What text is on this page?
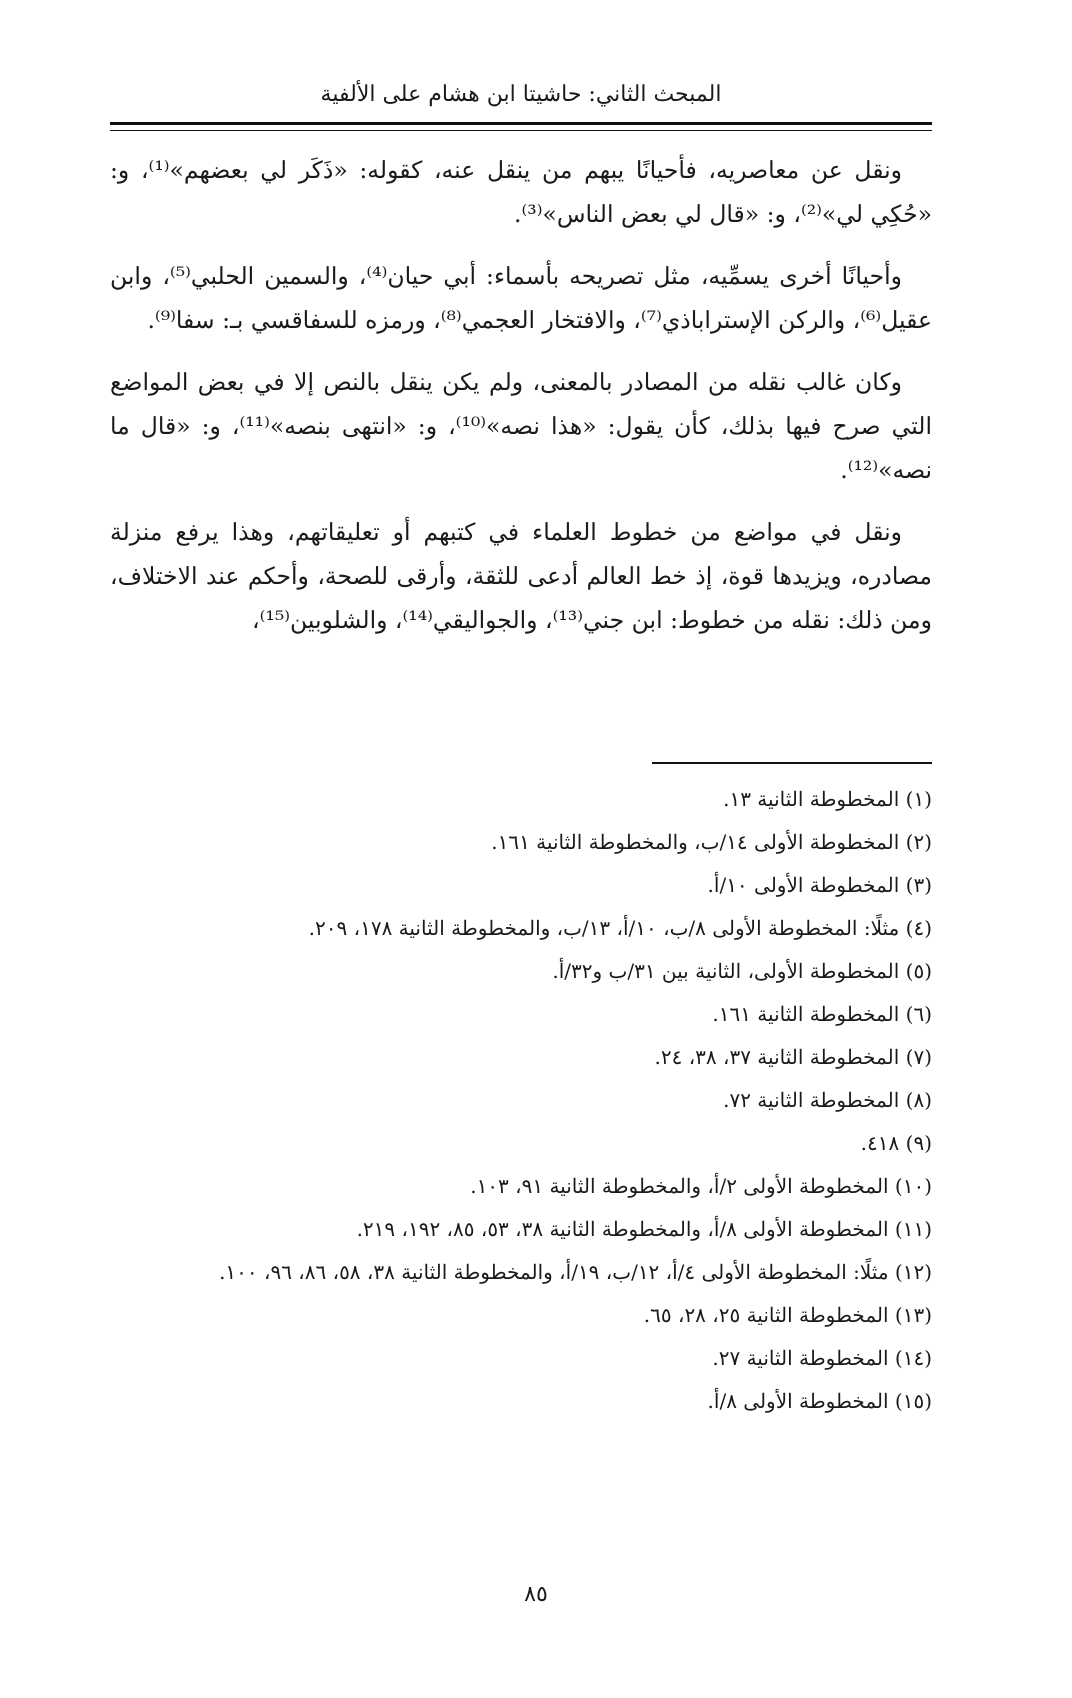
المبحث الثاني: حاشيتا ابن هشام على الألفية

ونقل عن معاصريه، فأحيانًا يبهم من ينقل عنه، كقوله: «ذَكَر لي بعضهم»⁽¹⁾، و: «حُكِي لي»⁽²⁾، و: «قال لي بعض الناس»⁽³⁾.

وأحيانًا أخرى يسمِّيه، مثل تصريحه بأسماء: أبي حيان⁽⁴⁾، والسمين الحلبي⁽⁵⁾، وابن عقيل⁽⁶⁾، والركن الإستراباذي⁽⁷⁾، والافتخار العجمي⁽⁸⁾، ورمزه للسفاقسي بـ: سفا⁽⁹⁾.

وكان غالب نقله من المصادر بالمعنى، ولم يكن ينقل بالنص إلا في بعض المواضع التي صرح فيها بذلك، كأن يقول: «هذا نصه»⁽¹⁰⁾، و: «انتهى بنصه»⁽¹¹⁾، و: «قال ما نصه»⁽¹²⁾.

ونقل في مواضع من خطوط العلماء في كتبهم أو تعليقاتهم، وهذا يرفع منزلة مصادره، ويزيدها قوة، إذ خط العالم أدعى للثقة، وأرقى للصحة، وأحكم عند الاختلاف، ومن ذلك: نقله من خطوط: ابن جني⁽¹³⁾، والجواليقي⁽¹⁴⁾، والشلوبين⁽¹⁵⁾،

(١) المخطوطة الثانية ١٣.
(٢) المخطوطة الأولى ١٤/ب، والمخطوطة الثانية ١٦١.
(٣) المخطوطة الأولى ١٠/أ.
(٤) مثلًا: المخطوطة الأولى ٨/ب، ١٠/أ، ١٣/ب، والمخطوطة الثانية ١٧٨، ٢٠٩.
(٥) المخطوطة الأولى، الثانية بين ٣١/ب و٣٢/أ.
(٦) المخطوطة الثانية ١٦١.
(٧) المخطوطة الثانية ٣٧، ٣٨، ٢٤.
(٨) المخطوطة الثانية ٧٢.
(٩) ٤١٨.
(١٠) المخطوطة الأولى ٢/أ، والمخطوطة الثانية ٩١، ١٠٣.
(١١) المخطوطة الأولى ٨/أ، والمخطوطة الثانية ٣٨، ٥٣، ٨٥، ١٩٢، ٢١٩.
(١٢) مثلًا: المخطوطة الأولى ٤/أ، ١٢/ب، ١٩/أ، والمخطوطة الثانية ٣٨، ٥٨، ٨٦، ٩٦، ١٠٠.
(١٣) المخطوطة الثانية ٢٥، ٢٨، ٦٥.
(١٤) المخطوطة الثانية ٢٧.
(١٥) المخطوطة الأولى ٨/أ.
٨٥
